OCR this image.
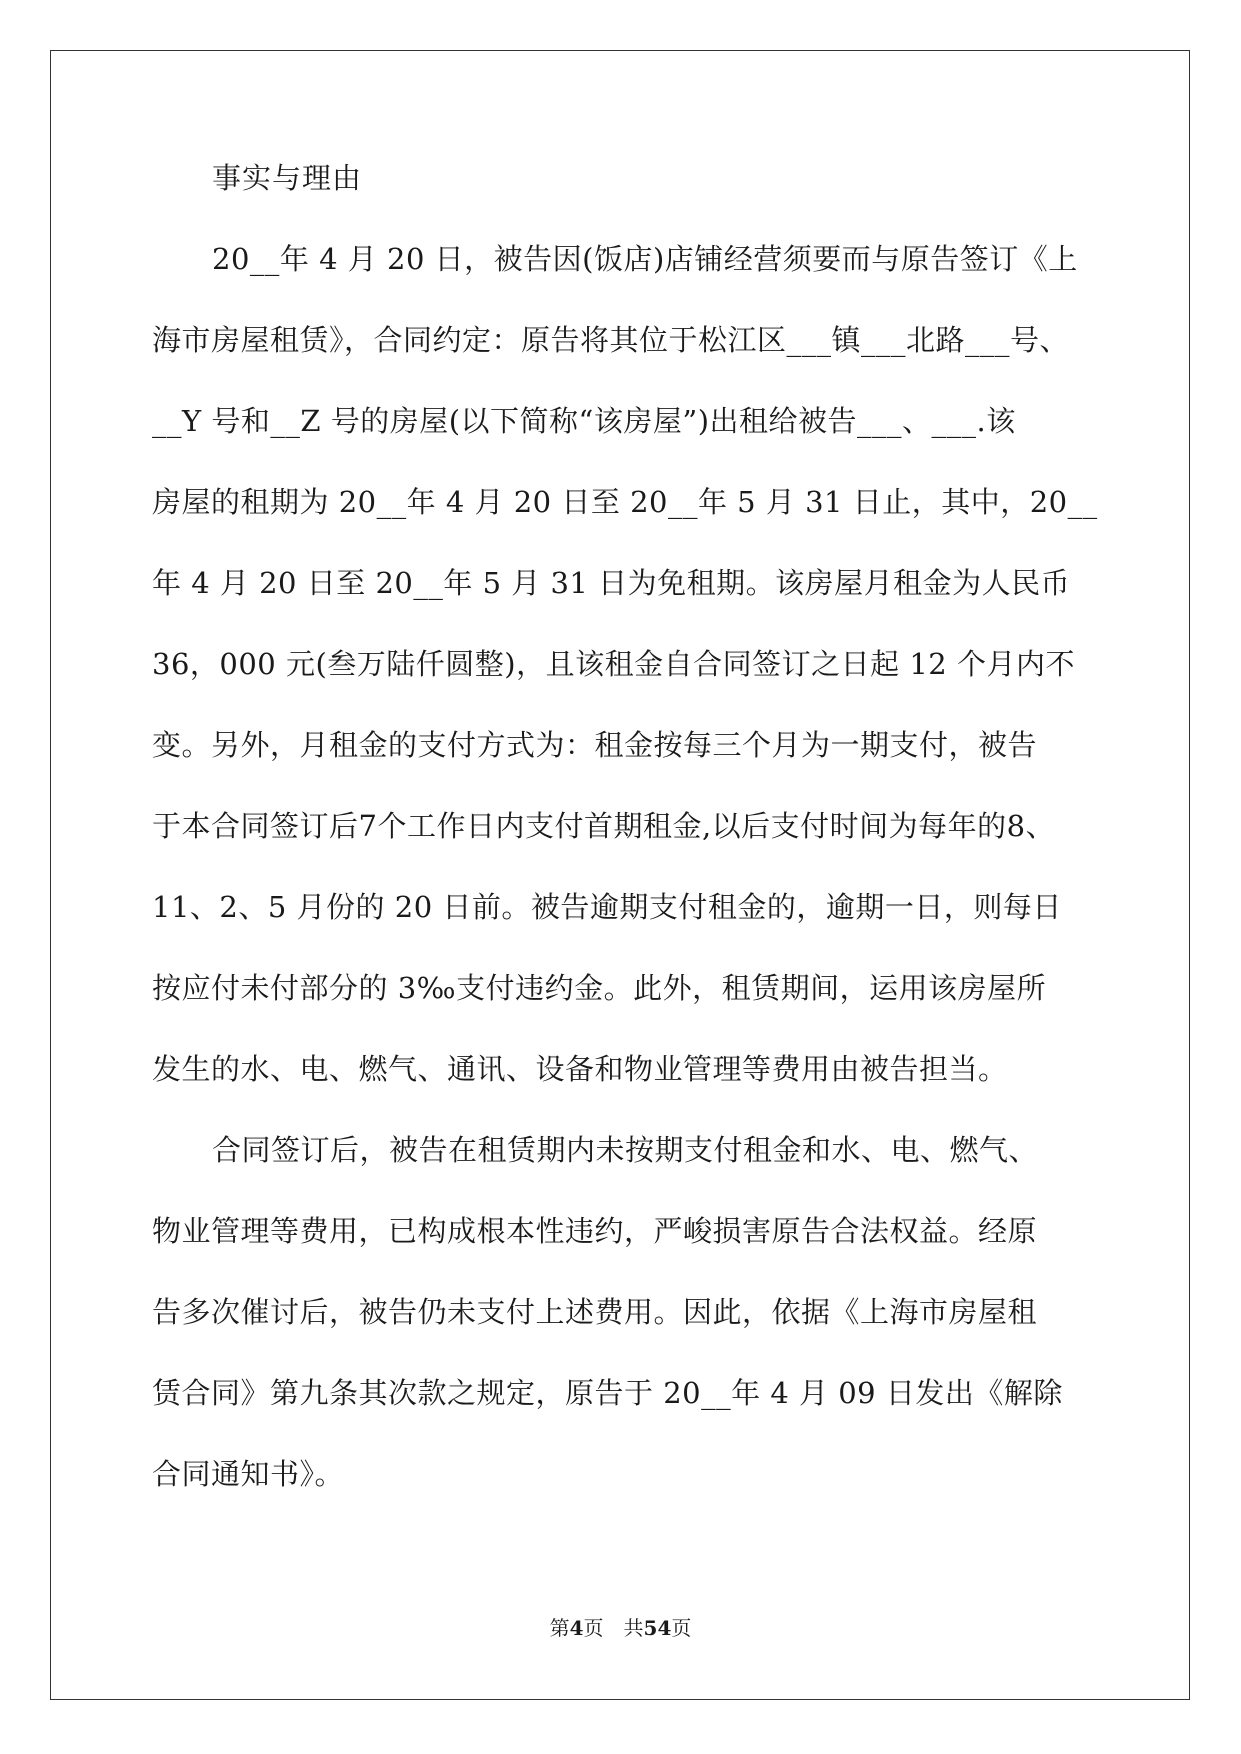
事实与理由
20__年 4 月 20 日，被告因(饭店)店铺经营须要而与原告签订《上
海市房屋租赁》，合同约定：原告将其位于松江区___镇___北路___号、
__Y 号和__Z 号的房屋(以下简称“该房屋”)出租给被告___、___.该
房屋的租期为 20__年 4 月 20 日至 20__年 5 月 31 日止，其中，20__
年 4 月 20 日至 20__年 5 月 31 日为免租期。该房屋月租金为人民币
36，000 元(叁万陆仟圆整)，且该租金自合同签订之日起 12 个月内不
变。另外，月租金的支付方式为：租金按每三个月为一期支付，被告
于本合同签订后7个工作日内支付首期租金,以后支付时间为每年的8、
11、2、5 月份的 20 日前。被告逾期支付租金的，逾期一日，则每日
按应付未付部分的 3‰支付违约金。此外，租赁期间，运用该房屋所
发生的水、电、燃气、通讯、设备和物业管理等费用由被告担当。
合同签订后，被告在租赁期内未按期支付租金和水、电、燃气、
物业管理等费用，已构成根本性违约，严峻损害原告合法权益。经原
告多次催讨后，被告仍未支付上述费用。因此，依据《上海市房屋租
赁合同》第九条其次款之规定，原告于 20__年 4 月 09 日发出《解除
合同通知书》。
第4页　共54页
